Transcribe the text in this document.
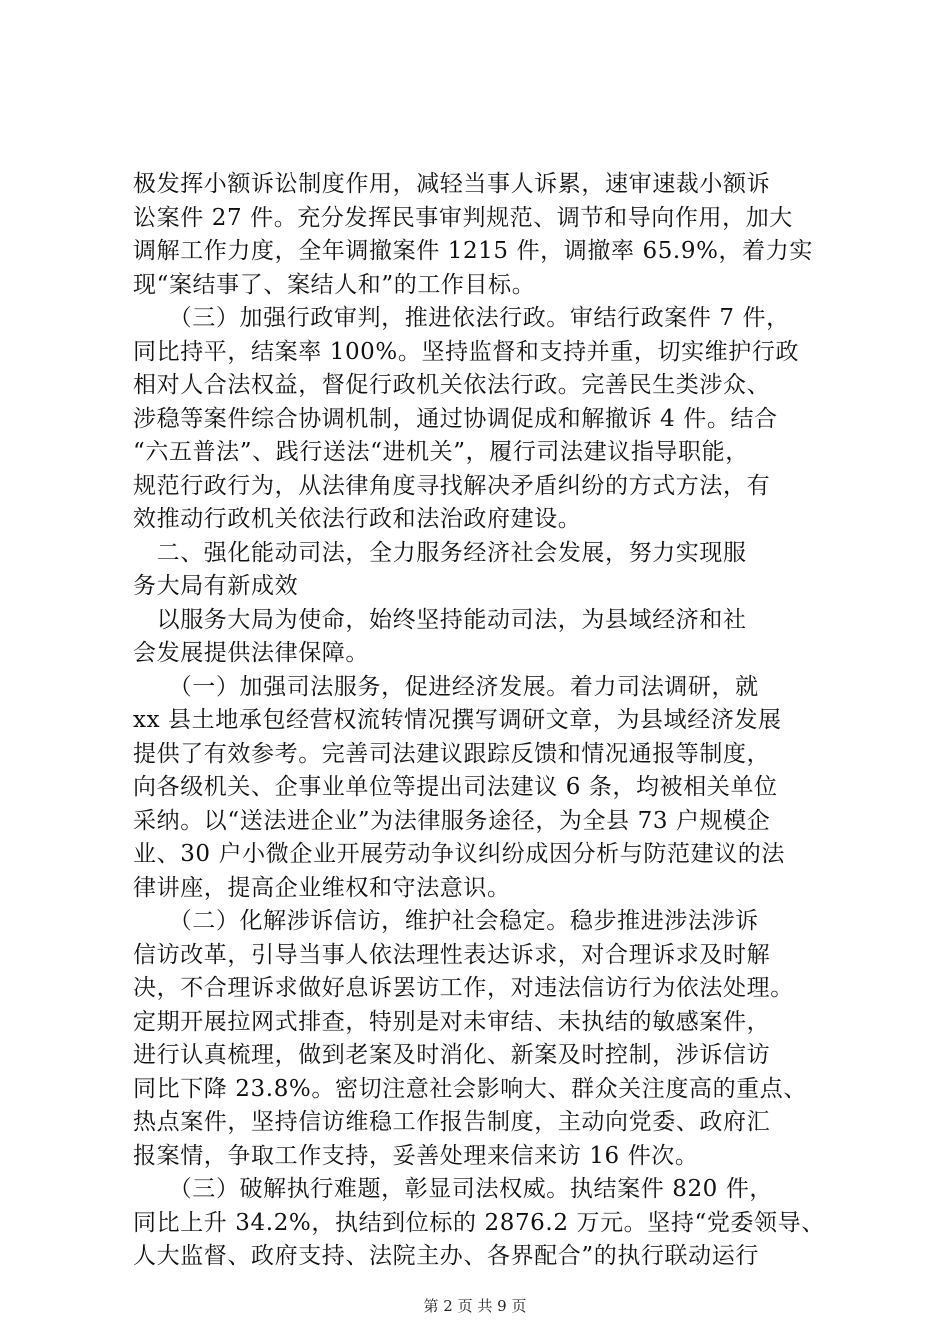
极发挥小额诉讼制度作用，减轻当事人诉累，速审速裁小额诉
讼案件 27 件。充分发挥民事审判规范、调节和导向作用，加大
调解工作力度，全年调撤案件 1215 件，调撤率 65.9%，着力实
现“案结事了、案结人和”的工作目标。
　　（三）加强行政审判，推进依法行政。审结行政案件 7 件，
同比持平，结案率 100%。坚持监督和支持并重，切实维护行政
相对人合法权益，督促行政机关依法行政。完善民生类涉众、
涉稳等案件综合协调机制，通过协调促成和解撤诉 4 件。结合
“六五普法”、践行送法“进机关”，履行司法建议指导职能，
规范行政行为，从法律角度寻找解决矛盾纠纷的方式方法，有
效推动行政机关依法行政和法治政府建设。
　二、强化能动司法，全力服务经济社会发展，努力实现服
务大局有新成效
　以服务大局为使命，始终坚持能动司法，为县域经济和社
会发展提供法律保障。
　　（一）加强司法服务，促进经济发展。着力司法调研，就
xx 县土地承包经营权流转情况撰写调研文章，为县域经济发展
提供了有效参考。完善司法建议跟踪反馈和情况通报等制度，
向各级机关、企事业单位等提出司法建议 6 条，均被相关单位
采纳。以“送法进企业”为法律服务途径，为全县 73 户规模企
业、30 户小微企业开展劳动争议纠纷成因分析与防范建议的法
律讲座，提高企业维权和守法意识。
　　（二）化解涉诉信访，维护社会稳定。稳步推进涉法涉诉
信访改革，引导当事人依法理性表达诉求，对合理诉求及时解
决，不合理诉求做好息诉罢访工作，对违法信访行为依法处理。
定期开展拉网式排查，特别是对未审结、未执结的敏感案件，
进行认真梳理，做到老案及时消化、新案及时控制，涉诉信访
同比下降 23.8%。密切注意社会影响大、群众关注度高的重点、
热点案件，坚持信访维稳工作报告制度，主动向党委、政府汇
报案情，争取工作支持，妥善处理来信来访 16 件次。
　　（三）破解执行难题，彰显司法权威。执结案件 820 件，
同比上升 34.2%，执结到位标的 2876.2 万元。坚持“党委领导、
人大监督、政府支持、法院主办、各界配合”的执行联动运行
第 2 页 共 9 页
